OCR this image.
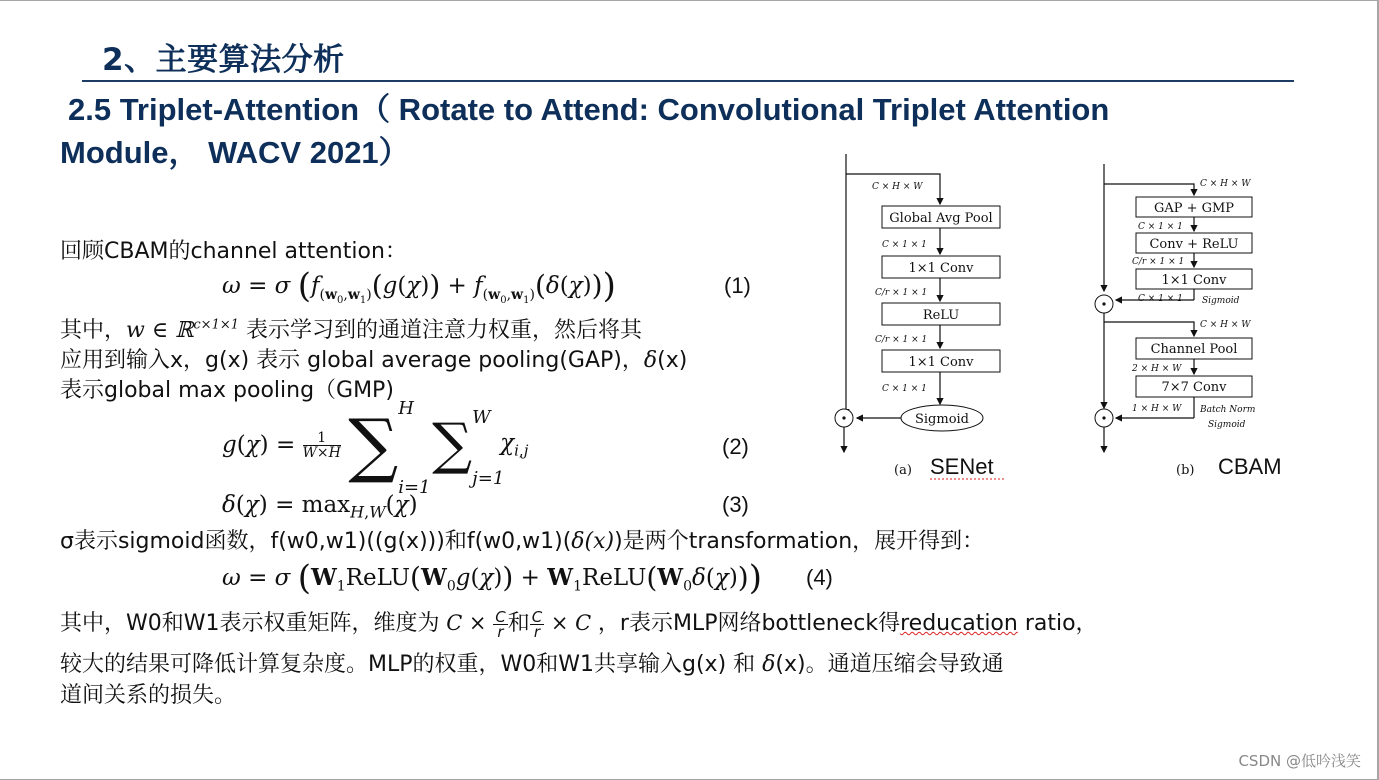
2、主要算法分析
2.5 Triplet-Attention（ Rotate to Attend: Convolutional Triplet Attention
Module， WACV 2021）
回顾CBAM的channel attention：
ω = σ $(f_{(w_0,w_1)}(g(\chi)) + f_{(w_0,w_1)}(\delta(\chi)))$	(1)
其中，w ∈ ℝ$^{c\times 1\times 1}$ 表示学习到的通道注意力权重，然后将其
应用到输入x，g(x) 表示 global average pooling(GAP)，δ(x)
表示global max pooling（GMP)
$g(\chi) = \frac{1}{W\times H}$ ∑ H
i=1
∑ W
j=1
$\chi_{i,j}$	(2)
$\delta(\chi) = \max_{H,W}(\chi)$	(3)
σ表示sigmoid函数，f(w0,w1)((g(x)))和f(w0,w1)(δ(x))是两个transformation，展开得到：
ω = σ ($W_1ReLU(W_0g(\chi))$ + $W_1ReLU(W_0\delta(\chi))$) (4)
其中，W0和W1表示权重矩阵，维度为 $C \times \frac{C}{r}$ 和 $\frac{C}{r} \times C$ ，r表示MLP网络bottleneck得reducation ratio，
较大的结果可降低计算复杂度。MLP的权重，W0和W1共享输入g(x) 和 δ(x)。通道压缩会导致通
道间关系的损失。
C × H × W
Global Avg Pool
C × 1 × 1
1×1 Conv
C/r × 1 × 1
ReLU
C/r × 1 × 1
1×1 Conv
C × 1 × 1
Sigmoid
(a) SENet
C × H × W
GAP + GMP
C × 1 × 1
Conv + ReLU
C/r × 1 × 1
1×1 Conv
C × 1 × 1 Sigmoid
C × H × W
Channel Pool
2 × H × W
7×7 Conv
1 × H × W Batch Norm
Sigmoid
(b) CBAM
CSDN @低吟浅笑
